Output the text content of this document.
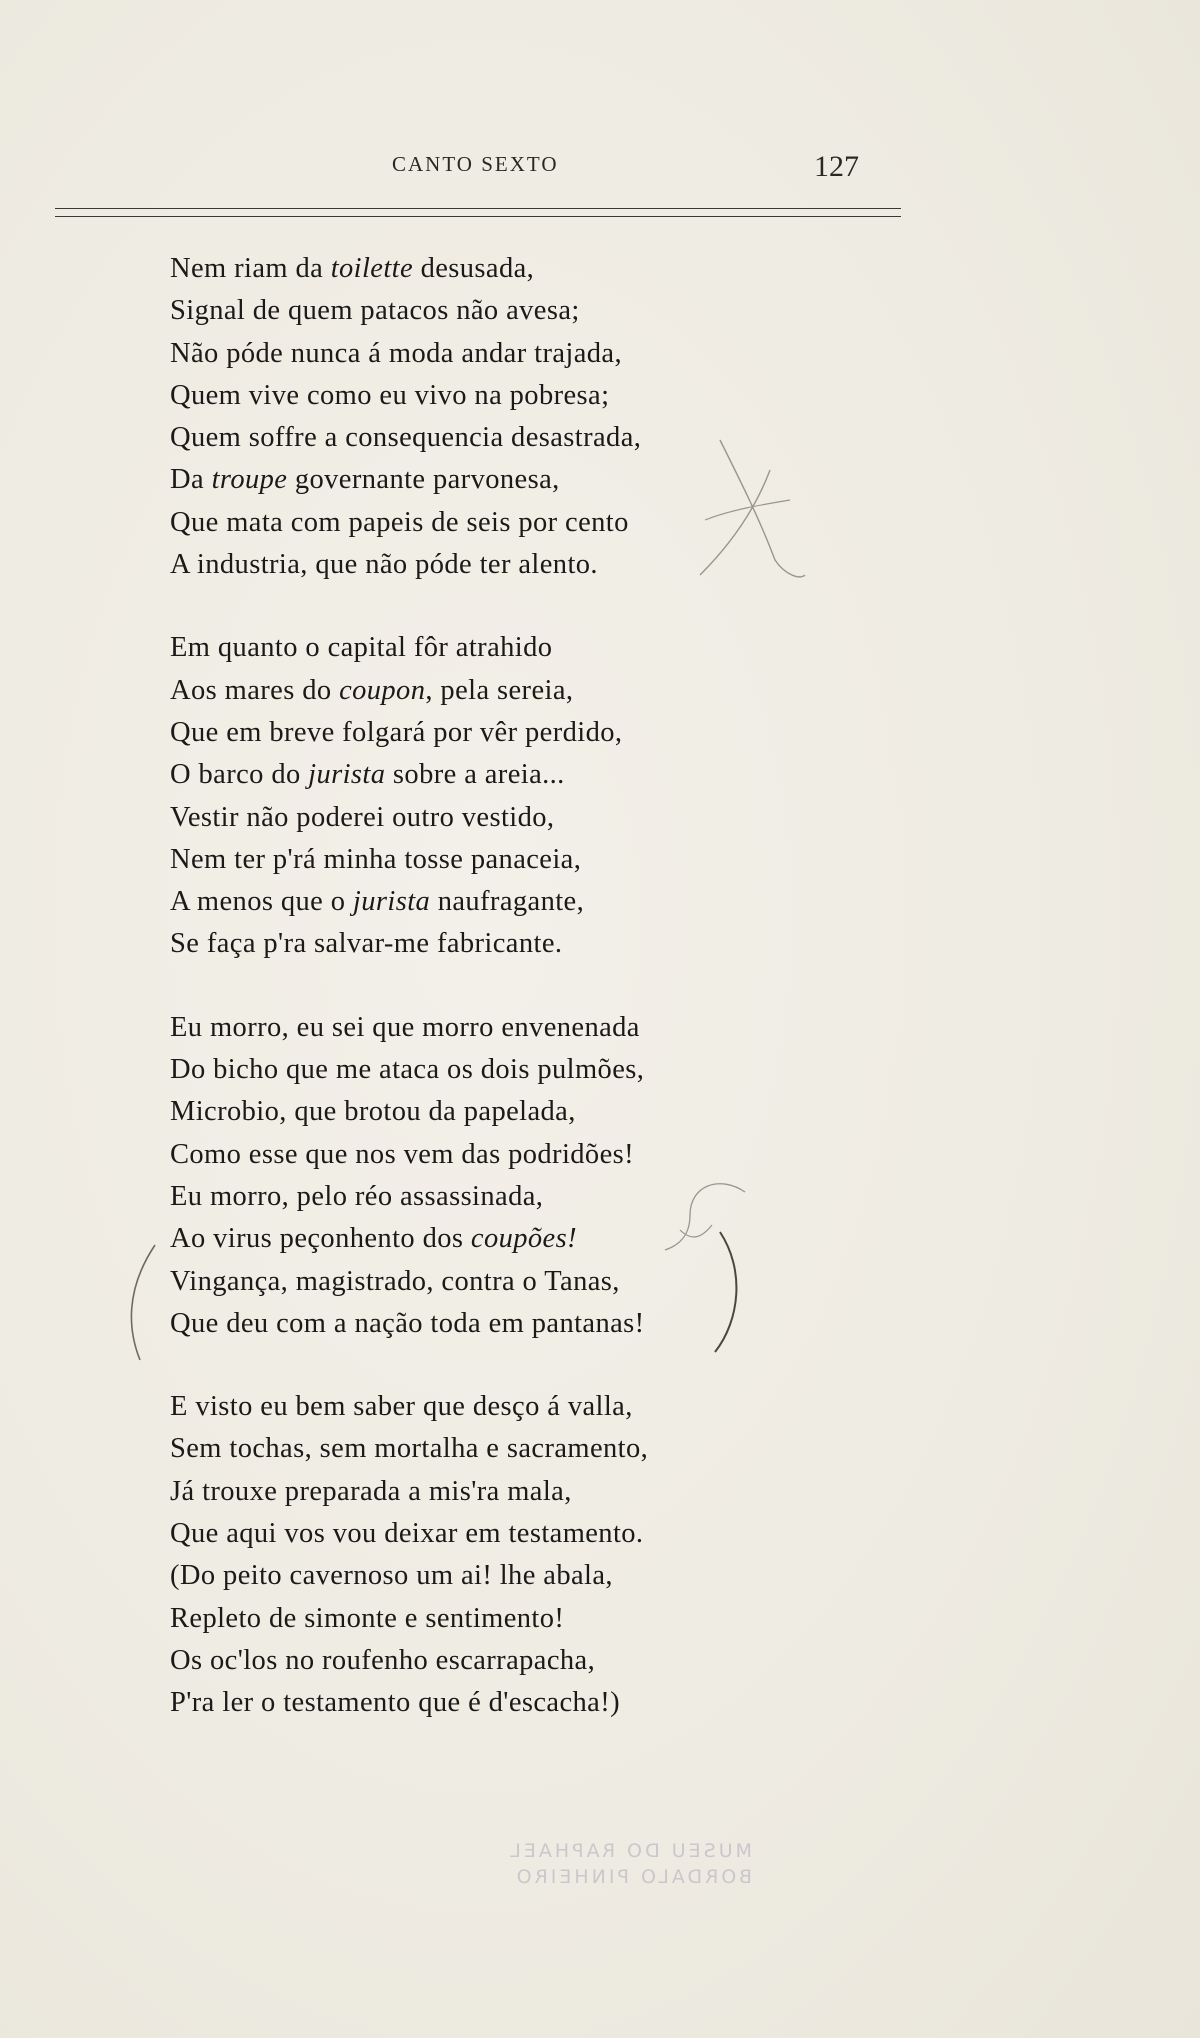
CANTO SEXTO	127
Nem riam da toilette desusada,
Signal de quem patacos não avesa;
Não póde nunca á moda andar trajada,
Quem vive como eu vivo na pobresa;
Quem soffre a consequencia desastrada,
Da troupe governante parvonesa,
Que mata com papeis de seis por cento
A industria, que não póde ter alento.
Em quanto o capital fôr atrahido
Aos mares do coupon, pela sereia,
Que em breve folgará por vêr perdido,
O barco do jurista sobre a areia...
Vestir não poderei outro vestido,
Nem ter p'rá minha tosse panaceia,
A menos que o jurista naufragante,
Se faça p'ra salvar-me fabricante.
Eu morro, eu sei que morro envenenada
Do bicho que me ataca os dois pulmões,
Microbio, que brotou da papelada,
Como esse que nos vem das podridões!
Eu morro, pelo réo assassinada,
Ao virus peçonhento dos coupões!
Vingança, magistrado, contra o Tanas,
Que deu com a nação toda em pantanas!
E visto eu bem saber que desço á valla,
Sem tochas, sem mortalha e sacramento,
Já trouxe preparada a mis'ra mala,
Que aqui vos vou deixar em testamento.
(Do peito cavernoso um ai! lhe abala,
Repleto de simonte e sentimento!
Os oc'los no roufenho escarrapacha,
P'ra ler o testamento que é d'escacha!)
MUSEU DO RAPHAEL
BORDALO PINHEIRO
